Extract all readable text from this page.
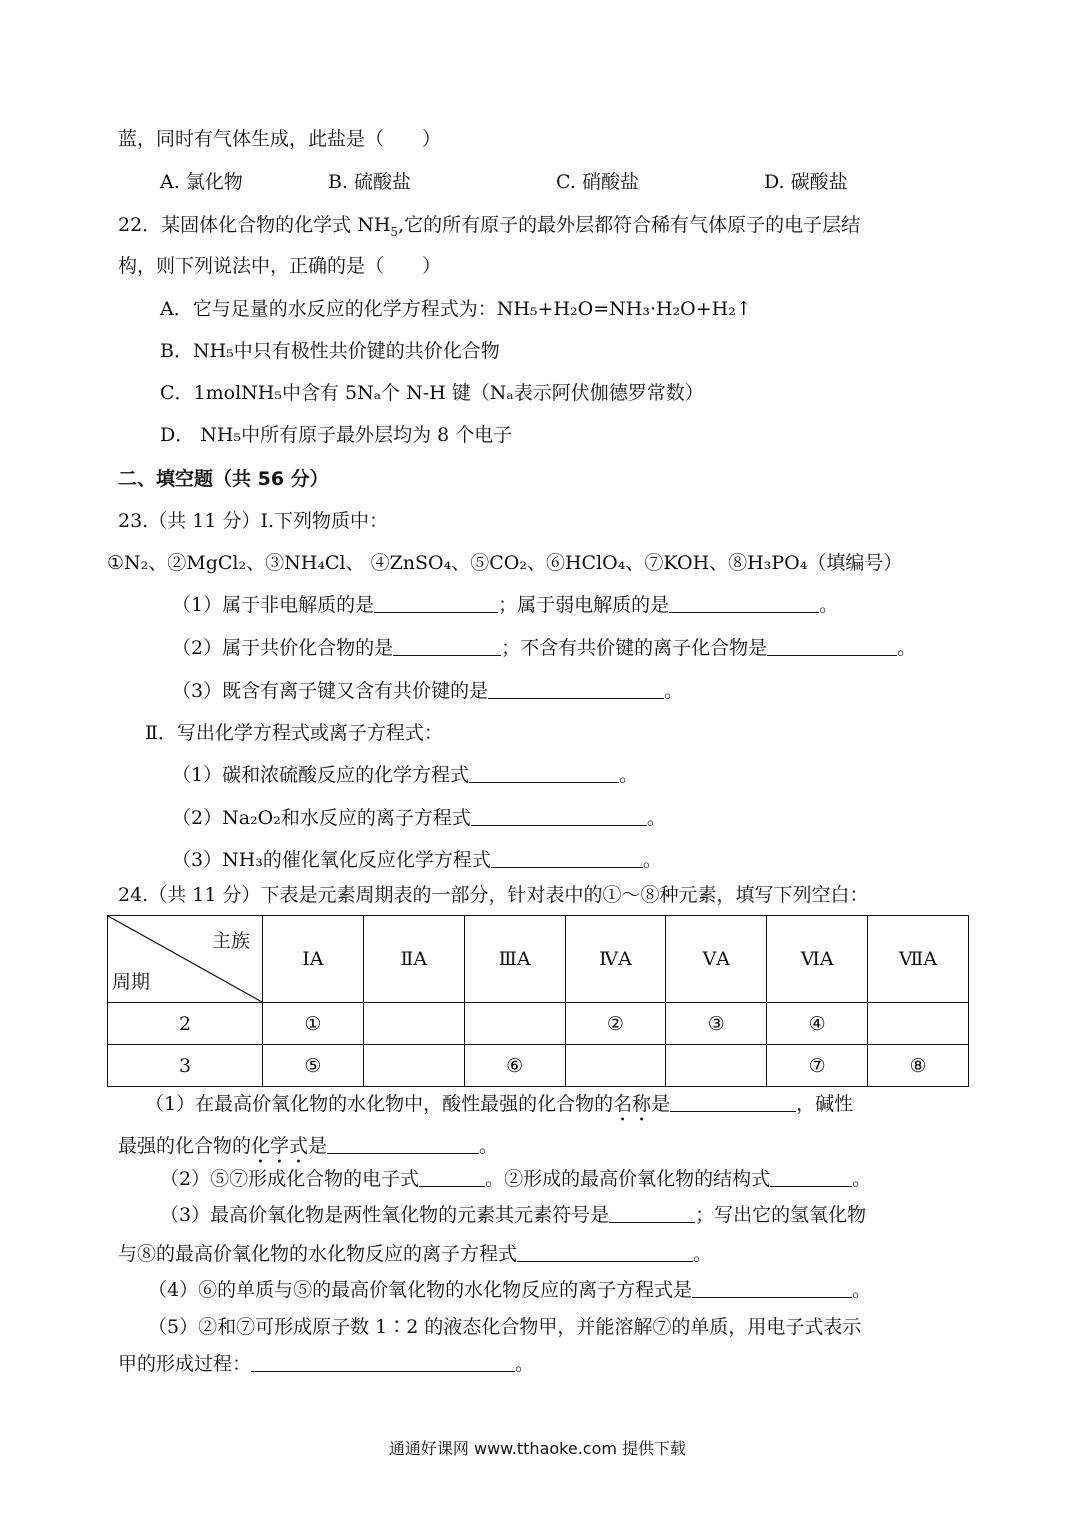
蓝，同时有气体生成，此盐是（　　）
A. 氯化物	B. 硫酸盐	C. 硝酸盐	D. 碳酸盐
22．某固体化合物的化学式 $NH_5$,它的所有原子的最外层都符合稀有气体原子的电子层结
构，则下列说法中，正确的是（　　）
A．它与足量的水反应的化学方程式为：NH₅+H₂O=NH₃·H₂O+H₂↑
B．NH₅中只有极性共价键的共价化合物
C．1molNH₅中含有 5Nₐ个 N-H 键（Nₐ表示阿伏伽德罗常数）
D． NH₅中所有原子最外层均为 8 个电子
二、填空题（共 56 分）
23.（共 11 分）Ⅰ.下列物质中：
①N₂、②MgCl₂、③NH₄Cl、 ④ZnSO₄、⑤CO₂、⑥HClO₄、⑦KOH、⑧H₃PO₄（填编号）
（1）属于非电解质的是	；属于弱电解质的是	。
（2）属于共价化合物的是	；不含有共价键的离子化合物是	。
（3）既含有离子键又含有共价键的是	。
Ⅱ．写出化学方程式或离子方程式：
（1）碳和浓硫酸反应的化学方程式	。
（2）Na₂O₂和水反应的离子方程式	。
（3）NH₃的催化氧化反应化学方程式	。
24.（共 11 分）下表是元素周期表的一部分，针对表中的①～⑧种元素，填写下列空白：
主族
周期	ⅠA	ⅡA	ⅢA	ⅣA	ⅤA	ⅥA	ⅦA
2	①			②	③	④	
3	⑤		⑥			⑦	⑧
（1）在最高价氧化物的水化物中，酸性最强的化合物的名称是	，碱性
最强的化合物的化学式是	。
（2）⑤⑦形成化合物的电子式	。②形成的最高价氧化物的结构式	。
（3）最高价氧化物是两性氧化物的元素其元素符号是	；写出它的氢氧化物
与⑧的最高价氧化物的水化物反应的离子方程式	。
（4）⑥的单质与⑤的最高价氧化物的水化物反应的离子方程式是	。
（5）②和⑦可形成原子数 1∶2 的液态化合物甲，并能溶解⑦的单质，用电子式表示
甲的形成过程：	。
通通好课网 www.tthaoke.com 提供下载
